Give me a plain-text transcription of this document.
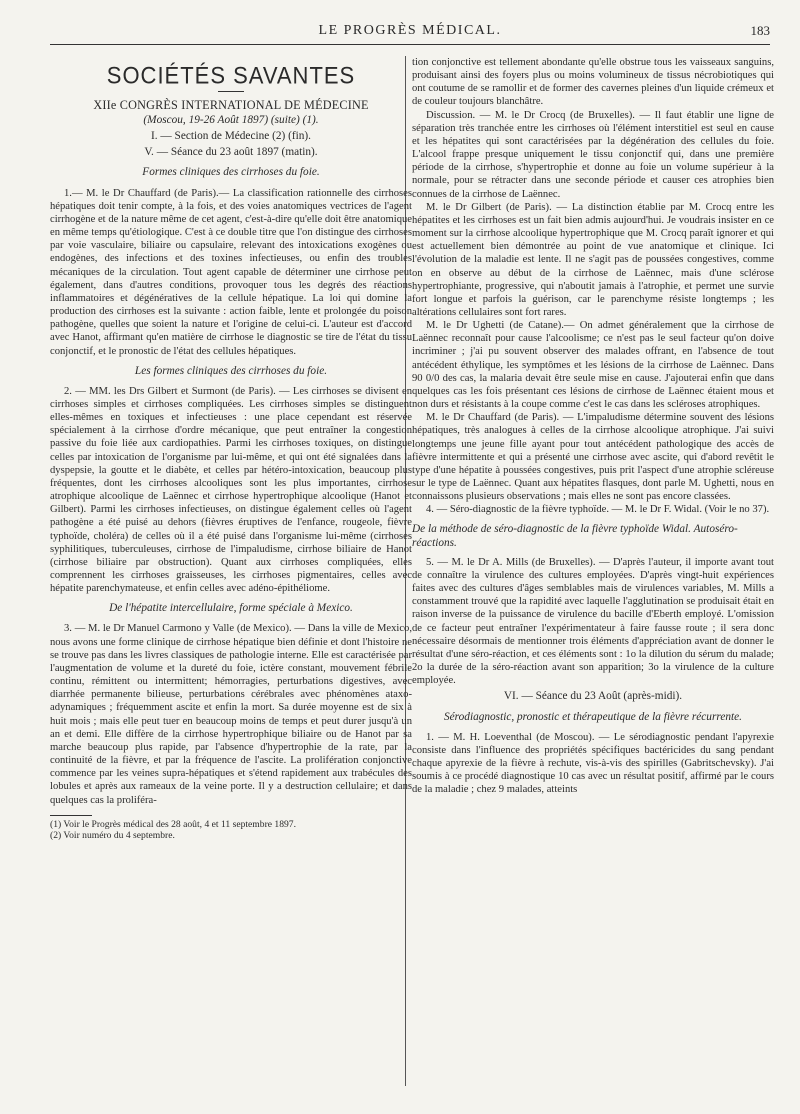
LE PROGRÈS MÉDICAL.	183
SOCIÉTÉS SAVANTES
XIIe CONGRÈS INTERNATIONAL DE MÉDECINE
(Moscou, 19-26 Août 1897) (suite) (1).
I. — Section de Médecine (2) (fin).
V. — Séance du 23 août 1897 (matin).
Formes cliniques des cirrhoses du foie.

1.— M. le Dr Chauffard (de Paris).— La classification rationnelle des cirrhoses hépatiques doit tenir compte, à la fois, et des voies anatomiques vectrices de l'agent cirrhogène et de la nature même de cet agent, c'est-à-dire qu'elle doit être anatomique en même temps qu'étiologique. C'est à ce double titre que l'on distingue des cirrhoses par voie vasculaire, biliaire ou capsulaire, relevant des intoxications exogènes ou endogènes, des infections et des toxines infectieuses, ou enfin des troubles mécaniques de la circulation. Tout agent capable de déterminer une cirrhose peut également, dans d'autres conditions, provoquer tous les degrés des réactions inflammatoires et dégénératives de la cellule hépatique. La loi qui domine la production des cirrhoses est la suivante : action faible, lente et prolongée du poison pathogène, quelles que soient la nature et l'origine de celui-ci. L'auteur est d'accord avec Hanot, affirmant qu'en matière de cirrhose le diagnostic se tire de l'état du tissu conjonctif, et le pronostic de l'état des cellules hépatiques.

Les formes cliniques des cirrhoses du foie.

2. — MM. les Drs Gilbert et Surmont (de Paris). — Les cirrhoses se divisent en cirrhoses simples et cirrhoses compliquées. Les cirrhoses simples se distinguent elles-mêmes en toxiques et infectieuses : une place cependant est réservée spécialement à la cirrhose d'ordre mécanique, que peut entraîner la congestion passive du foie liée aux cardiopathies. Parmi les cirrhoses toxiques, on distingue celles par intoxication de l'organisme par lui-même, et qui ont été signalées dans la dyspepsie, la goutte et le diabète, et celles par hétéro-intoxication, beaucoup plus fréquentes, dont les cirrhoses alcooliques sont les plus importantes, cirrhose atrophique alcoolique de Laënnec et cirrhose hypertrophique alcoolique (Hanot et Gilbert). Parmi les cirrhoses infectieuses, on distingue également celles où l'agent pathogène a été puisé au dehors (fièvres éruptives de l'enfance, rougeole, fièvre typhoïde, choléra) de celles où il a été puisé dans l'organisme lui-même (cirrhoses syphilitiques, tuberculeuses, cirrhose de l'impaludisme, cirrhose biliaire de Hanot (cirrhose biliaire par obstruction). Quant aux cirrhoses compliquées, elles comprennent les cirrhoses graisseuses, les cirrhoses pigmentaires, celles avec hépatite parenchymateuse, et enfin celles avec adéno-épithéliome.

De l'hépatite intercellulaire, forme spéciale à Mexico.

3. — M. le Dr Manuel Carmono y Valle (de Mexico). — Dans la ville de Mexico, nous avons une forme clinique de cirrhose hépatique bien définie et dont l'histoire ne se trouve pas dans les livres classiques de pathologie interne. Elle est caractérisée par l'augmentation de volume et la dureté du foie, ictère constant, mouvement fébrile continu, rémittent ou intermittent; hémorragies, perturbations digestives, avec diarrhée permanente bilieuse, perturbations cérébrales avec phénomènes ataxo-adynamiques ; fréquemment ascite et enfin la mort. Sa durée moyenne est de six à huit mois ; mais elle peut tuer en beaucoup moins de temps et peut durer jusqu'à un an et demi. Elle diffère de la cirrhose hypertrophique biliaire ou de Hanot par sa marche beaucoup plus rapide, par l'absence d'hypertrophie de la rate, par la continuité de la fièvre, et par la fréquence de l'ascite. La prolifération conjonctive commence par les veines supra-hépatiques et s'étend rapidement aux trabécules des lobules et après aux rameaux de la veine porte. Il y a destruction cellulaire; et dans quelques cas la proliféra-

(1) Voir le Progrès médical des 28 août, 4 et 11 septembre 1897.
(2) Voir numéro du 4 septembre.

tion conjonctive est tellement abondante qu'elle obstrue tous les vaisseaux sanguins, produisant ainsi des foyers plus ou moins volumineux de tissus nécrobiotiques qui ont coutume de se ramollir et de former des cavernes pleines d'un liquide crémeux et de couleur toujours blanchâtre.

Discussion. — M. le Dr Crocq (de Bruxelles). — Il faut établir une ligne de séparation très tranchée entre les cirrhoses où l'élément interstitiel est seul en cause et les hépatites qui sont caractérisées par la dégénération des cellules du foie. L'alcool frappe presque uniquement le tissu conjonctif qui, dans une première période de la cirrhose, s'hypertrophie et donne au foie un volume supérieur à la normale, pour se rétracter dans une seconde période et causer ces atrophies bien connues de la cirrhose de Laënnec.

M. le Dr Gilbert (de Paris). — La distinction établie par M. Crocq entre les hépatites et les cirrhoses est un fait bien admis aujourd'hui. Je voudrais insister en ce moment sur la cirrhose alcoolique hypertrophique que M. Crocq paraît ignorer et qui est actuellement bien démontrée au point de vue anatomique et clinique. Ici l'évolution de la maladie est lente. Il ne s'agit pas de poussées congestives, comme on en observe au début de la cirrhose de Laënnec, mais d'une sclérose hypertrophiante, progressive, qui n'aboutit jamais à l'atrophie, et permet une survie fort longue et parfois la guérison, car le parenchyme résiste longtemps ; les altérations cellulaires sont fort rares.

M. le Dr Ughetti (de Catane).— On admet généralement que la cirrhose de Laënnec reconnaît pour cause l'alcoolisme; ce n'est pas le seul facteur qu'on doive incriminer ; j'ai pu souvent observer des malades offrant, en l'absence de tout antécédent éthylique, les symptômes et les lésions de la cirrhose de Laënnec. Dans 90 0/0 des cas, la malaria devait être seule mise en cause. J'ajouterai enfin que dans quelques cas les fois présentant ces lésions de cirrhose de Laënnec étaient mous et non durs et résistants à la coupe comme c'est le cas dans les scléroses atrophiques.

M. le Dr Chauffard (de Paris). — L'impaludisme détermine souvent des lésions hépatiques, très analogues à celles de la cirrhose alcoolique atrophique. J'ai suivi longtemps une jeune fille ayant pour tout antécédent pathologique des accès de fièvre intermittente et qui a présenté une cirrhose avec ascite, qui d'abord revêtit le type d'une hépatite à poussées congestives, puis prit l'aspect d'une atrophie scléreuse sur le type de Laënnec. Quant aux hépatites flasques, dont parle M. Ughetti, nous en connaissons plusieurs observations ; mais elles ne sont pas encore classées.

4. — Séro-diagnostic de la fièvre typhoïde. — M. le Dr F. Widal. (Voir le no 37).

De la méthode de séro-diagnostic de la fièvre typhoïde Widal. Autoséro-réactions.

5. — M. le Dr A. Mills (de Bruxelles). — D'après l'auteur, il importe avant tout de connaître la virulence des cultures employées. D'après vingt-huit expériences faites avec des cultures d'âges semblables mais de virulences variables, M. Mills a constamment trouvé que la rapidité avec laquelle l'agglutination se produisait était en raison inverse de la puissance de virulence du bacille d'Eberth employé. L'omission de ce facteur peut entraîner l'expérimentateur à faire fausse route ; il sera donc nécessaire désormais de mentionner trois éléments d'appréciation avant de donner le résultat d'une séro-réaction, et ces éléments sont : 1o la dilution du sérum du malade; 2o la durée de la séro-réaction avant son apparition; 3o la virulence de la culture employée.

VI. — Séance du 23 Août (après-midi).
Sérodiagnostic, pronostic et thérapeutique de la fièvre récurrente.

1. — M. H. Loeventhal (de Moscou). — Le sérodiagnostic pendant l'apyrexie consiste dans l'influence des propriétés spécifiques bactéricides du sang pendant chaque apyrexie de la fièvre à rechute, vis-à-vis des spirilles (Gabritschevsky). J'ai soumis à ce procédé diagnostique 10 cas avec un résultat positif, affirmé par le cours de la maladie ; chez 9 malades, atteints
